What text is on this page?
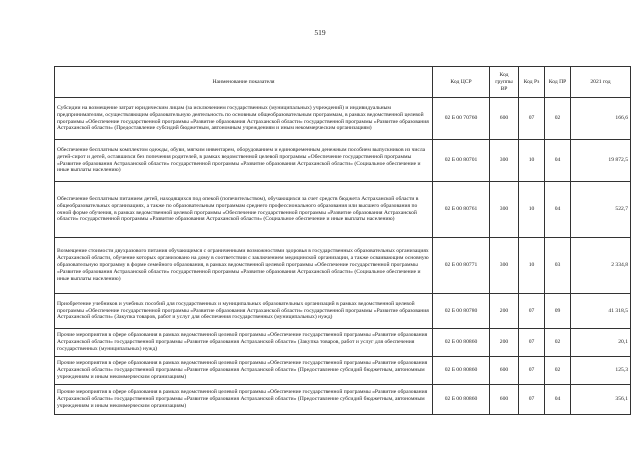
519
Наименование показателя	Код ЦСР	Код группы ВР	Код Рз	Код ПР	2021 год
Субсидии на возмещение затрат юридическим лицам (за исключением государственных (муниципальных) учреждений) и индивидуальным предпринимателям, осуществляющим образовательную деятельность по основным общеобразовательным программам, в рамках ведомственной целевой программы «Обеспечение государственной программы «Развитие образования Астраханской области» государственной программы «Развитие образования Астраханской области» (Предоставление субсидий бюджетным, автономным учреждениям и иным некоммерческим организациям)	02 Б 00 70760	600	07	02	166,6
Обеспечение бесплатным комплектом одежды, обуви, мягким инвентарем, оборудованием и единовременным денежным пособием выпускников из числа детей-сирот и детей, оставшихся без попечения родителей, в рамках ведомственной целевой программы «Обеспечение государственной программы «Развитие образования Астраханской области» государственной программы «Развитие образования Астраханской области» (Социальное обеспечение и иные выплаты населению)	02 Б 00 80701	300	10	04	19 872,5
Обеспечение бесплатным питанием детей, находящихся под опекой (попечительством), обучающихся за счет средств бюджета Астраханской области в общеобразовательных организациях, а также по образовательным программам среднего профессионального образования или высшего образования по очной форме обучения, в рамках ведомственной целевой программы «Обеспечение государственной программы «Развитие образования Астраханской области» государственной программы «Развитие образования Астраханской области» (Социальное обеспечение и иные выплаты населению)	02 Б 00 80761	300	10	04	522,7
Возмещение стоимости двухразового питания обучающимся с ограниченными возможностями здоровья в государственных образовательных организациях Астраханской области, обучение которых организовано на дому в соответствии с заключением медицинской организации, а также осваивающим основную образовательную программу в форме семейного образования, в рамках ведомственной целевой программы «Обеспечение государственной программы «Развитие образования Астраханской области» государственной программы «Развитие образования Астраханской области» (Социальное обеспечение и иные выплаты населению)	02 Б 00 80771	300	10	03	2 334,8
Приобретение учебников и учебных пособий для государственных и муниципальных образовательных организаций в рамках ведомственной целевой программы «Обеспечение государственной программы «Развитие образования Астраханской области» государственной программы «Развитие образования Астраханской области» (Закупка товаров, работ и услуг для обеспечения государственных (муниципальных) нужд)	02 Б 00 80780	200	07	09	41 318,5
Прочие мероприятия в сфере образования в рамках ведомственной целевой программы «Обеспечение государственной программы «Развитие образования Астраханской области» государственной программы «Развитие образования Астраханской области» (Закупка товаров, работ и услуг для обеспечения государственных (муниципальных) нужд)	02 Б 00 80860	200	07	02	20,1
Прочие мероприятия в сфере образования в рамках ведомственной целевой программы «Обеспечение государственной программы «Развитие образования Астраханской области» государственной программы «Развитие образования Астраханской области» (Предоставление субсидий бюджетным, автономным учреждениям и иным некоммерческим организациям)	02 Б 00 80860	600	07	02	125,3
Прочие мероприятия в сфере образования в рамках ведомственной целевой программы «Обеспечение государственной программы «Развитие образования Астраханской области» государственной программы «Развитие образования Астраханской области» (Предоставление субсидий бюджетным, автономным учреждениям и иным некоммерческим организациям)	02 Б 00 80860	600	07	04	356,1
